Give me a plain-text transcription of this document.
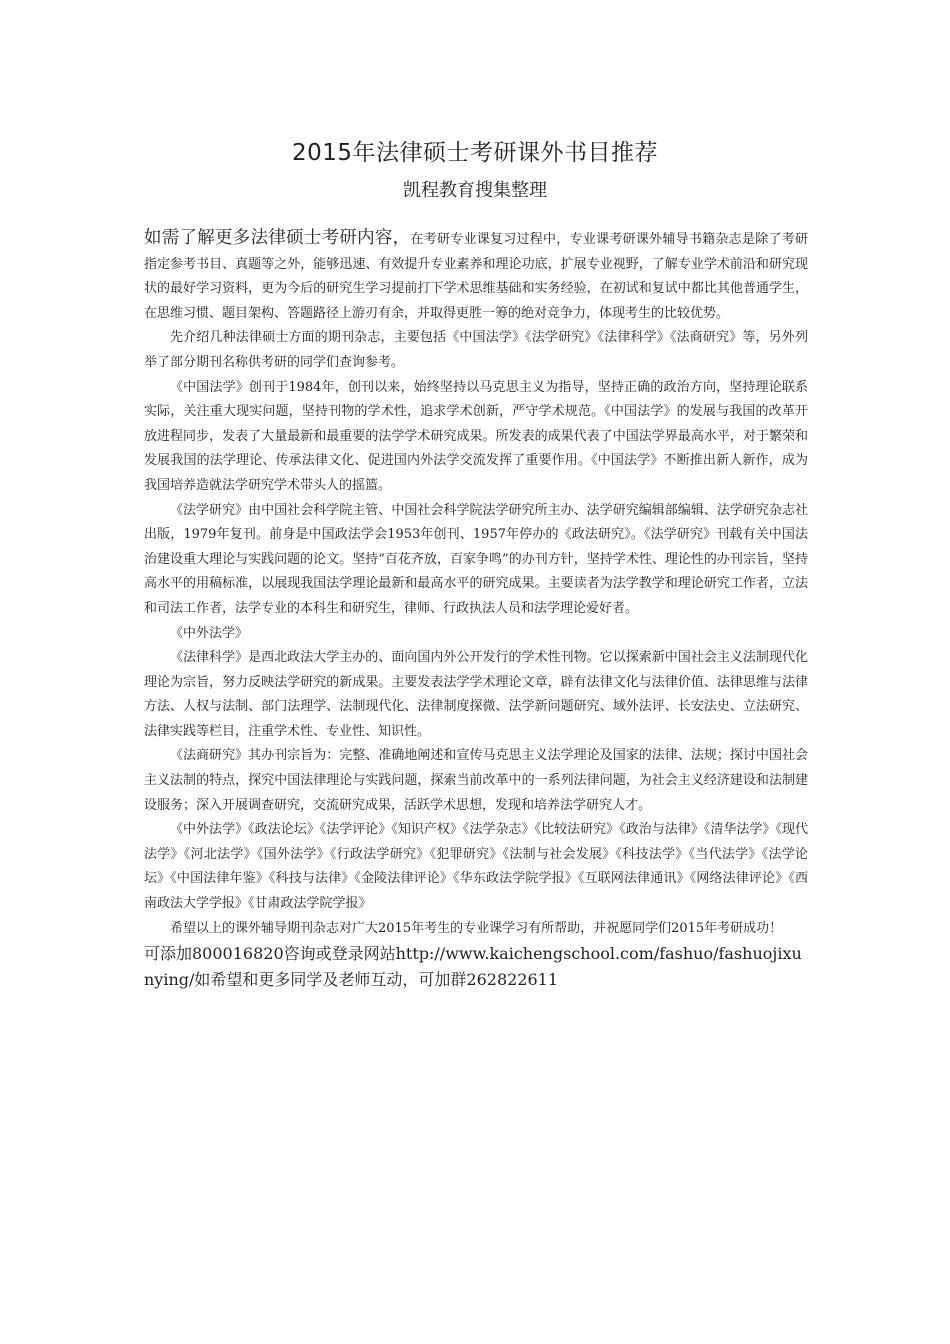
2015年法律硕士考研课外书目推荐
凯程教育搜集整理

如需了解更多法律硕士考研内容，在考研专业课复习过程中，专业课考研课外辅导书籍杂志是除了考研指定参考书目、真题等之外，能够迅速、有效提升专业素养和理论功底，扩展专业视野，了解专业学术前沿和研究现状的最好学习资料，更为今后的研究生学习提前打下学术思维基础和实务经验，在初试和复试中都比其他普通学生，在思维习惯、题目架构、答题路径上游刃有余，并取得更胜一筹的绝对竞争力，体现考生的比较优势。

先介绍几种法律硕士方面的期刊杂志，主要包括《中国法学》《法学研究》《法律科学》《法商研究》等，另外列举了部分期刊名称供考研的同学们查询参考。

《中国法学》创刊于1984年，创刊以来，始终坚持以马克思主义为指导，坚持正确的政治方向，坚持理论联系实际，关注重大现实问题，坚持刊物的学术性，追求学术创新，严守学术规范。《中国法学》的发展与我国的改革开放进程同步，发表了大量最新和最重要的法学学术研究成果。所发表的成果代表了中国法学界最高水平，对于繁荣和发展我国的法学理论、传承法律文化、促进国内外法学交流发挥了重要作用。《中国法学》不断推出新人新作，成为我国培养造就法学研究学术带头人的摇篮。

《法学研究》由中国社会科学院主管、中国社会科学院法学研究所主办、法学研究编辑部编辑、法学研究杂志社出版，1979年复刊。前身是中国政法学会1953年创刊、1957年停办的《政法研究》。《法学研究》刊载有关中国法治建设重大理论与实践问题的论文。坚持“百花齐放，百家争鸣”的办刊方针，坚持学术性、理论性的办刊宗旨，坚持高水平的用稿标准，以展现我国法学理论最新和最高水平的研究成果。主要读者为法学教学和理论研究工作者，立法和司法工作者，法学专业的本科生和研究生，律师、行政执法人员和法学理论爱好者。

《中外法学》

《法律科学》是西北政法大学主办的、面向国内外公开发行的学术性刊物。它以探索新中国社会主义法制现代化理论为宗旨，努力反映法学研究的新成果。主要发表法学学术理论文章，辟有法律文化与法律价值、法律思维与法律方法、人权与法制、部门法理学、法制现代化、法律制度探微、法学新问题研究、域外法评、长安法史、立法研究、法律实践等栏目，注重学术性、专业性、知识性。

《法商研究》其办刊宗旨为：完整、准确地阐述和宣传马克思主义法学理论及国家的法律、法规；探讨中国社会主义法制的特点，探究中国法律理论与实践问题，探索当前改革中的一系列法律问题，为社会主义经济建设和法制建设服务；深入开展调查研究，交流研究成果，活跃学术思想，发现和培养法学研究人才。

《中外法学》《政法论坛》《法学评论》《知识产权》《法学杂志》《比较法研究》《政治与法律》《清华法学》《现代法学》《河北法学》《国外法学》《行政法学研究》《犯罪研究》《法制与社会发展》《科技法学》《当代法学》《法学论坛》《中国法律年鉴》《科技与法律》《金陵法律评论》《华东政法学院学报》《互联网法律通讯》《网络法律评论》《西南政法大学学报》《甘肃政法学院学报》

希望以上的课外辅导期刊杂志对广大2015年考生的专业课学习有所帮助，并祝愿同学们2015年考研成功！

可添加800016820咨询或登录网站http://www.kaichengschool.com/fashuo/fashuojixunying/如希望和更多同学及老师互动，可加群262822611
